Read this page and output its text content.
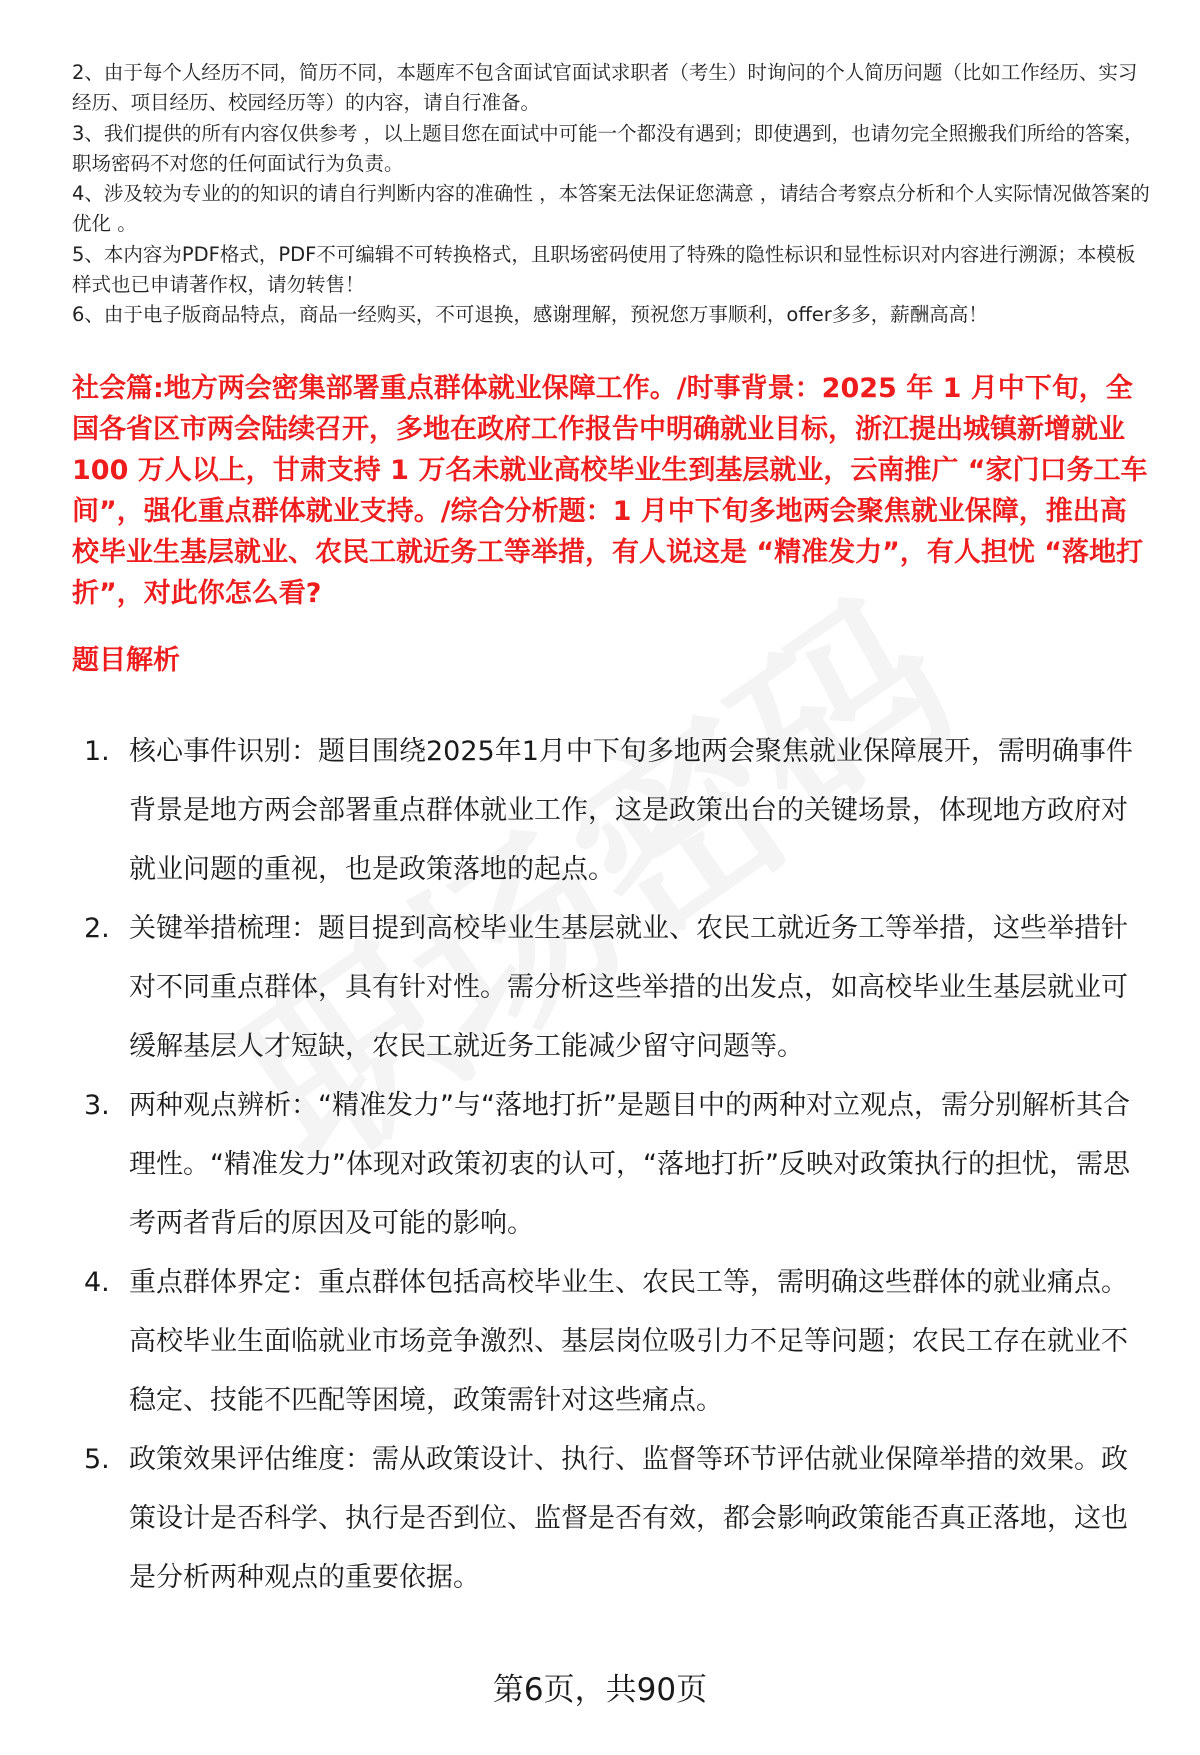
2、由于每个人经历不同，简历不同，本题库不包含面试官面试求职者（考生）时询问的个人简历问题（比如工作经历、实习经历、项目经历、校园经历等）的内容，请自行准备。

3、我们提供的所有内容仅供参考 ，以上题目您在面试中可能一个都没有遇到；即使遇到，也请勿完全照搬我们所给的答案，职场密码不对您的任何面试行为负责。

4、涉及较为专业的的知识的请自行判断内容的准确性 ，本答案无法保证您满意 ，请结合考察点分析和个人实际情况做答案的优化 。

5、本内容为PDF格式，PDF不可编辑不可转换格式，且职场密码使用了特殊的隐性标识和显性标识对内容进行溯源；本模板样式也已申请著作权，请勿转售！

6、由于电子版商品特点，商品一经购买，不可退换，感谢理解，预祝您万事顺利，offer多多，薪酬高高！

社会篇:地方两会密集部署重点群体就业保障工作。/时事背景：2025 年 1 月中下旬，全国各省区市两会陆续召开，多地在政府工作报告中明确就业目标，浙江提出城镇新增就业 100 万人以上，甘肃支持 1 万名未就业高校毕业生到基层就业，云南推广 “家门口务工车间”，强化重点群体就业支持。/综合分析题：1 月中下旬多地两会聚焦就业保障，推出高校毕业生基层就业、农民工就近务工等举措，有人说这是 “精准发力”，有人担忧 “落地打折”，对此你怎么看?
题目解析
1. 核心事件识别：题目围绕2025年1月中下旬多地两会聚焦就业保障展开，需明确事件背景是地方两会部署重点群体就业工作，这是政策出台的关键场景，体现地方政府对就业问题的重视，也是政策落地的起点。
2. 关键举措梳理：题目提到高校毕业生基层就业、农民工就近务工等举措，这些举措针对不同重点群体，具有针对性。需分析这些举措的出发点，如高校毕业生基层就业可缓解基层人才短缺，农民工就近务工能减少留守问题等。
3. 两种观点辨析：“精准发力”与“落地打折”是题目中的两种对立观点，需分别解析其合理性。“精准发力”体现对政策初衷的认可，“落地打折”反映对政策执行的担忧，需思考两者背后的原因及可能的影响。
4. 重点群体界定：重点群体包括高校毕业生、农民工等，需明确这些群体的就业痛点。高校毕业生面临就业市场竞争激烈、基层岗位吸引力不足等问题；农民工存在就业不稳定、技能不匹配等困境，政策需针对这些痛点。
5. 政策效果评估维度：需从政策设计、执行、监督等环节评估就业保障举措的效果。政策设计是否科学、执行是否到位、监督是否有效，都会影响政策能否真正落地，这也是分析两种观点的重要依据。
第6页，共90页
